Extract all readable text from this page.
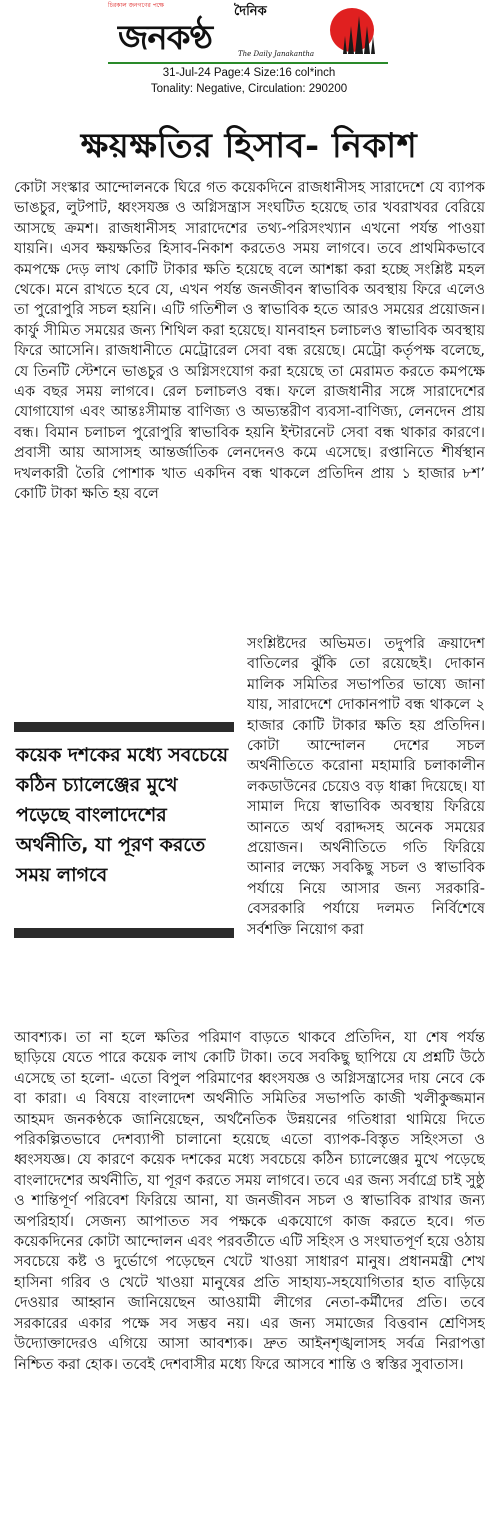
চিরকাল জনগণের পক্ষে	দৈনিক
জনকণ্ঠ	The Daily Janakantha
31-Jul-24 Page:4 Size:16 col*inch
Tonality: Negative, Circulation: 290200
ক্ষয়ক্ষতির হিসাব- নিকাশ

কোটা সংস্কার আন্দোলনকে ঘিরে গত কয়েকদিনে রাজধানীসহ সারাদেশে যে ব্যাপক ভাঙচুর, লুটপাট, ধ্বংসযজ্ঞ ও অগ্নিসন্ত্রাস সংঘটিত হয়েছে তার খবরাখবর বেরিয়ে আসছে ক্রমশ। রাজধানীসহ সারাদেশের তথ্য-পরিসংখ্যান এখনো পর্যন্ত পাওয়া যায়নি। এসব ক্ষয়ক্ষতির হিসাব-নিকাশ করতেও সময় লাগবে। তবে প্রাথমিকভাবে কমপক্ষে দেড় লাখ কোটি টাকার ক্ষতি হয়েছে বলে আশঙ্কা করা হচ্ছে সংশ্লিষ্ট মহল থেকে। মনে রাখতে হবে যে, এখন পর্যন্ত জনজীবন স্বাভাবিক অবস্থায় ফিরে এলেও তা পুরোপুরি সচল হয়নি। এটি গতিশীল ও স্বাভাবিক হতে আরও সময়ের প্রয়োজন। কার্ফু সীমিত সময়ের জন্য শিথিল করা হয়েছে। যানবাহন চলাচলও স্বাভাবিক অবস্থায় ফিরে আসেনি। রাজধানীতে মেট্রোরেল সেবা বন্ধ রয়েছে। মেট্রো কর্তৃপক্ষ বলেছে, যে তিনটি স্টেশনে ভাঙচুর ও অগ্নিসংযোগ করা হয়েছে তা মেরামত করতে কমপক্ষে এক বছর সময় লাগবে। রেল চলাচলও বন্ধ। ফলে রাজধানীর সঙ্গে সারাদেশের যোগাযোগ এবং আন্তঃসীমান্ত বাণিজ্য ও অভ্যন্তরীণ ব্যবসা-বাণিজ্য, লেনদেন প্রায় বন্ধ। বিমান চলাচল পুরোপুরি স্বাভাবিক হয়নি ইন্টারনেট সেবা বন্ধ থাকার কারণে। প্রবাসী আয় আসাসহ আন্তর্জাতিক লেনদেনও কমে এসেছে। রপ্তানিতে শীর্ষস্থান দখলকারী তৈরি পোশাক খাত একদিন বন্ধ থাকলে প্রতিদিন প্রায় ১ হাজার ৮শ’ কোটি টাকা ক্ষতি হয় বলে

কয়েক দশকের মধ্যে সবচেয়ে কঠিন চ্যালেঞ্জের মুখে পড়েছে বাংলাদেশের অর্থনীতি, যা পূরণ করতে সময় লাগবে

সংশ্লিষ্টদের অভিমত। তদুপরি ক্রয়াদেশ বাতিলের ঝুঁকি তো রয়েছেই। দোকান মালিক সমিতির সভাপতির ভাষ্যে জানা যায়, সারাদেশে দোকানপাট বন্ধ থাকলে ২ হাজার কোটি টাকার ক্ষতি হয় প্রতিদিন। কোটা আন্দোলন দেশের সচল অর্থনীতিতে করোনা মহামারি চলাকালীন লকডাউনের চেয়েও বড় ধাক্কা দিয়েছে। যা সামাল দিয়ে স্বাভাবিক অবস্থায় ফিরিয়ে আনতে অর্থ বরাদ্দসহ অনেক সময়ের প্রয়োজন। অর্থনীতিতে গতি ফিরিয়ে আনার লক্ষ্যে সবকিছু সচল ও স্বাভাবিক পর্যায়ে নিয়ে আসার জন্য সরকারি-বেসরকারি পর্যায়ে দলমত নির্বিশেষে সর্বশক্তি নিয়োগ করা

আবশ্যক। তা না হলে ক্ষতির পরিমাণ বাড়তে থাকবে প্রতিদিন, যা শেষ পর্যন্ত ছাড়িয়ে যেতে পারে কয়েক লাখ কোটি টাকা। তবে সবকিছু ছাপিয়ে যে প্রশ্নটি উঠে এসেছে তা হলো- এতো বিপুল পরিমাণের ধ্বংসযজ্ঞ ও অগ্নিসন্ত্রাসের দায় নেবে কে বা কারা। এ বিষয়ে বাংলাদেশ অর্থনীতি সমিতির সভাপতি কাজী খলীকুজ্জমান আহমদ জনকণ্ঠকে জানিয়েছেন, অর্থনৈতিক উন্নয়নের গতিধারা থামিয়ে দিতে পরিকল্পিতভাবে দেশব্যাপী চালানো হয়েছে এতো ব্যাপক-বিস্তৃত সহিংসতা ও ধ্বংসযজ্ঞ। যে কারণে কয়েক দশকের মধ্যে সবচেয়ে কঠিন চ্যালেঞ্জের মুখে পড়েছে বাংলাদেশের অর্থনীতি, যা পূরণ করতে সময় লাগবে। তবে এর জন্য সর্বাগ্রে চাই সুষ্ঠু ও শান্তিপূর্ণ পরিবেশ ফিরিয়ে আনা, যা জনজীবন সচল ও স্বাভাবিক রাখার জন্য অপরিহার্য। সেজন্য আপাতত সব পক্ষকে একযোগে কাজ করতে হবে। গত কয়েকদিনের কোটা আন্দোলন এবং পরবর্তীতে এটি সহিংস ও সংঘাতপূর্ণ হয়ে ওঠায় সবচেয়ে কষ্ট ও দুর্ভোগে পড়েছেন খেটে খাওয়া সাধারণ মানুষ। প্রধানমন্ত্রী শেখ হাসিনা গরিব ও খেটে খাওয়া মানুষের প্রতি সাহায্য-সহযোগিতার হাত বাড়িয়ে দেওয়ার আহ্বান জানিয়েছেন আওয়ামী লীগের নেতা-কর্মীদের প্রতি। তবে সরকারের একার পক্ষে সব সম্ভব নয়। এর জন্য সমাজের বিত্তবান শ্রেণিসহ উদ্যোক্তাদেরও এগিয়ে আসা আবশ্যক। দ্রুত আইনশৃঙ্খলাসহ সর্বত্র নিরাপত্তা নিশ্চিত করা হোক। তবেই দেশবাসীর মধ্যে ফিরে আসবে শান্তি ও স্বস্তির সুবাতাস।
